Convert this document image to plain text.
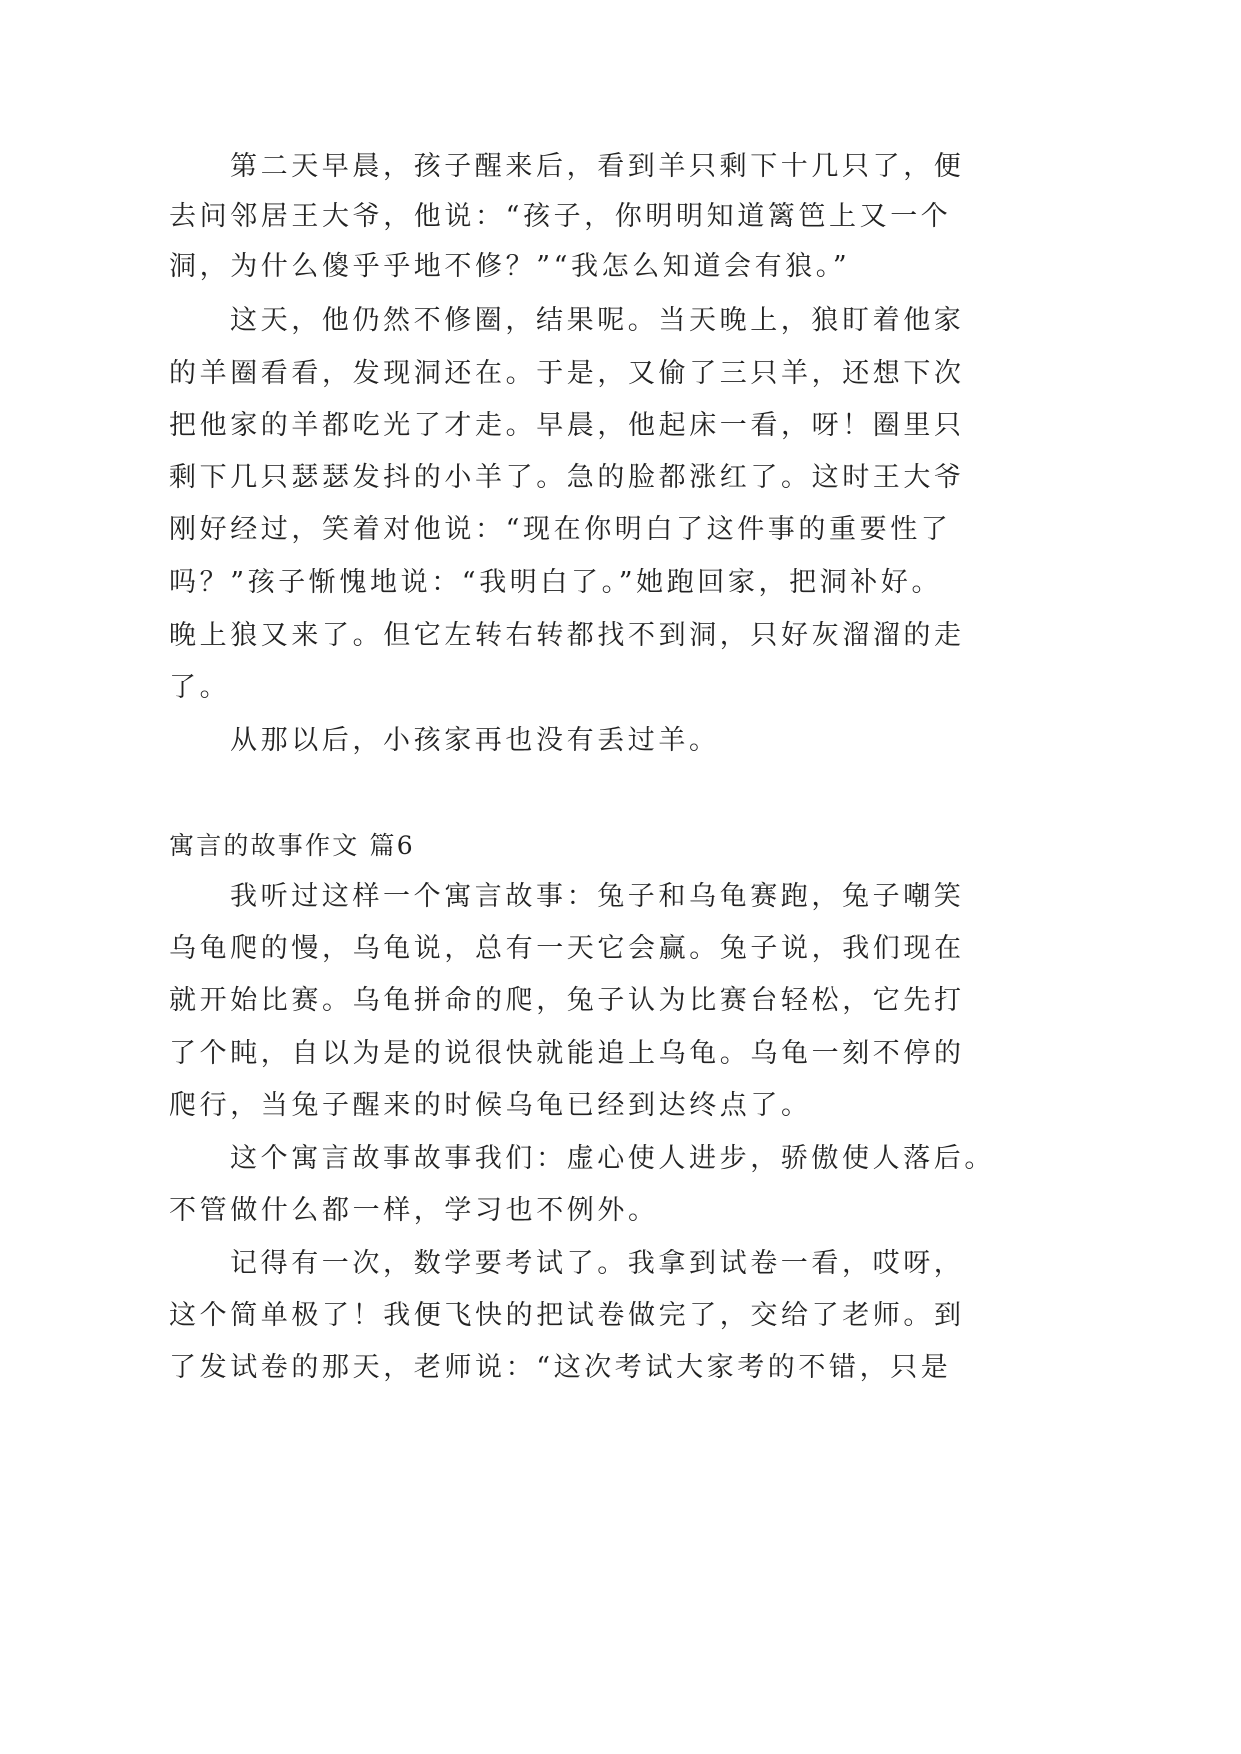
第二天早晨，孩子醒来后，看到羊只剩下十几只了，便

去问邻居王大爷，他说：“孩子，你明明知道篱笆上又一个

洞，为什么傻乎乎地不修？”“我怎么知道会有狼。”

这天，他仍然不修圈，结果呢。当天晚上，狼盯着他家

的羊圈看看，发现洞还在。于是，又偷了三只羊，还想下次

把他家的羊都吃光了才走。早晨，他起床一看，呀！圈里只

剩下几只瑟瑟发抖的小羊了。急的脸都涨红了。这时王大爷

刚好经过，笑着对他说：“现在你明白了这件事的重要性了

吗？”孩子惭愧地说：“我明白了。”她跑回家，把洞补好。

晚上狼又来了。但它左转右转都找不到洞，只好灰溜溜的走

了。

从那以后，小孩家再也没有丢过羊。

寓言的故事作文 篇6

我听过这样一个寓言故事：兔子和乌龟赛跑，兔子嘲笑

乌龟爬的慢，乌龟说，总有一天它会赢。兔子说，我们现在

就开始比赛。乌龟拼命的爬，兔子认为比赛台轻松，它先打

了个盹，自以为是的说很快就能追上乌龟。乌龟一刻不停的

爬行，当兔子醒来的时候乌龟已经到达终点了。

这个寓言故事故事我们：虚心使人进步，骄傲使人落后。

不管做什么都一样，学习也不例外。

记得有一次，数学要考试了。我拿到试卷一看，哎呀，

这个简单极了！我便飞快的把试卷做完了，交给了老师。到

了发试卷的那天，老师说：“这次考试大家考的不错，只是
